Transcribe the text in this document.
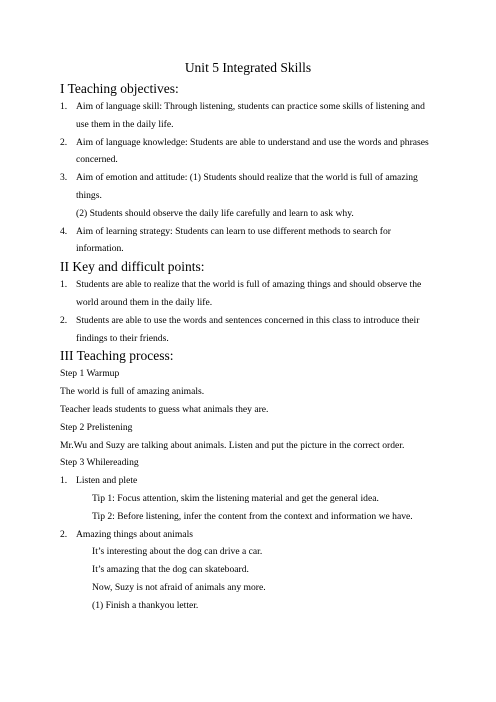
Unit 5 Integrated Skills
I Teaching objectives:
1. Aim of language skill: Through listening, students can practice some skills of listening and
use them in the daily life.
2. Aim of language knowledge: Students are able to understand and use the words and phrases
concerned.
3. Aim of emotion and attitude: (1) Students should realize that the world is full of amazing
things.
(2) Students should observe the daily life carefully and learn to ask why.
4. Aim of learning strategy: Students can learn to use different methods to search for
information.
II Key and difficult points:
1. Students are able to realize that the world is full of amazing things and should observe the
world around them in the daily life.
2. Students are able to use the words and sentences concerned in this class to introduce their
findings to their friends.
III Teaching process:
Step 1 Warmup
The world is full of amazing animals.
Teacher leads students to guess what animals they are.
Step 2 Prelistening
Mr.Wu and Suzy are talking about animals. Listen and put the picture in the correct order.
Step 3 Whilereading
1. Listen and plete
Tip 1: Focus attention, skim the listening material and get the general idea.
Tip 2: Before listening, infer the content from the context and information we have.
2. Amazing things about animals
It’s interesting about the dog can drive a car.
It’s amazing that the dog can skateboard.
Now, Suzy is not afraid of animals any more.
(1) Finish a thankyou letter.
